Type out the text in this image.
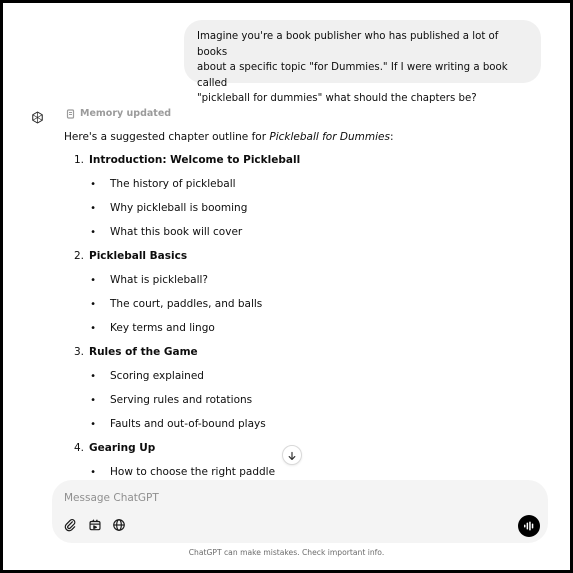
Imagine you're a book publisher who has published a lot of books
about a specific topic "for Dummies." If I were writing a book called
"pickleball for dummies" what should the chapters be?
Memory updated

Here's a suggested chapter outline for Pickleball for Dummies:

1. Introduction: Welcome to Pickleball
•	The history of pickleball
•	Why pickleball is booming
•	What this book will cover
2. Pickleball Basics
•	What is pickleball?
•	The court, paddles, and balls
•	Key terms and lingo
3. Rules of the Game
•	Scoring explained
•	Serving rules and rotations
•	Faults and out-of-bound plays
4. Gearing Up
•	How to choose the right paddle
Message ChatGPT
ChatGPT can make mistakes. Check important info.
